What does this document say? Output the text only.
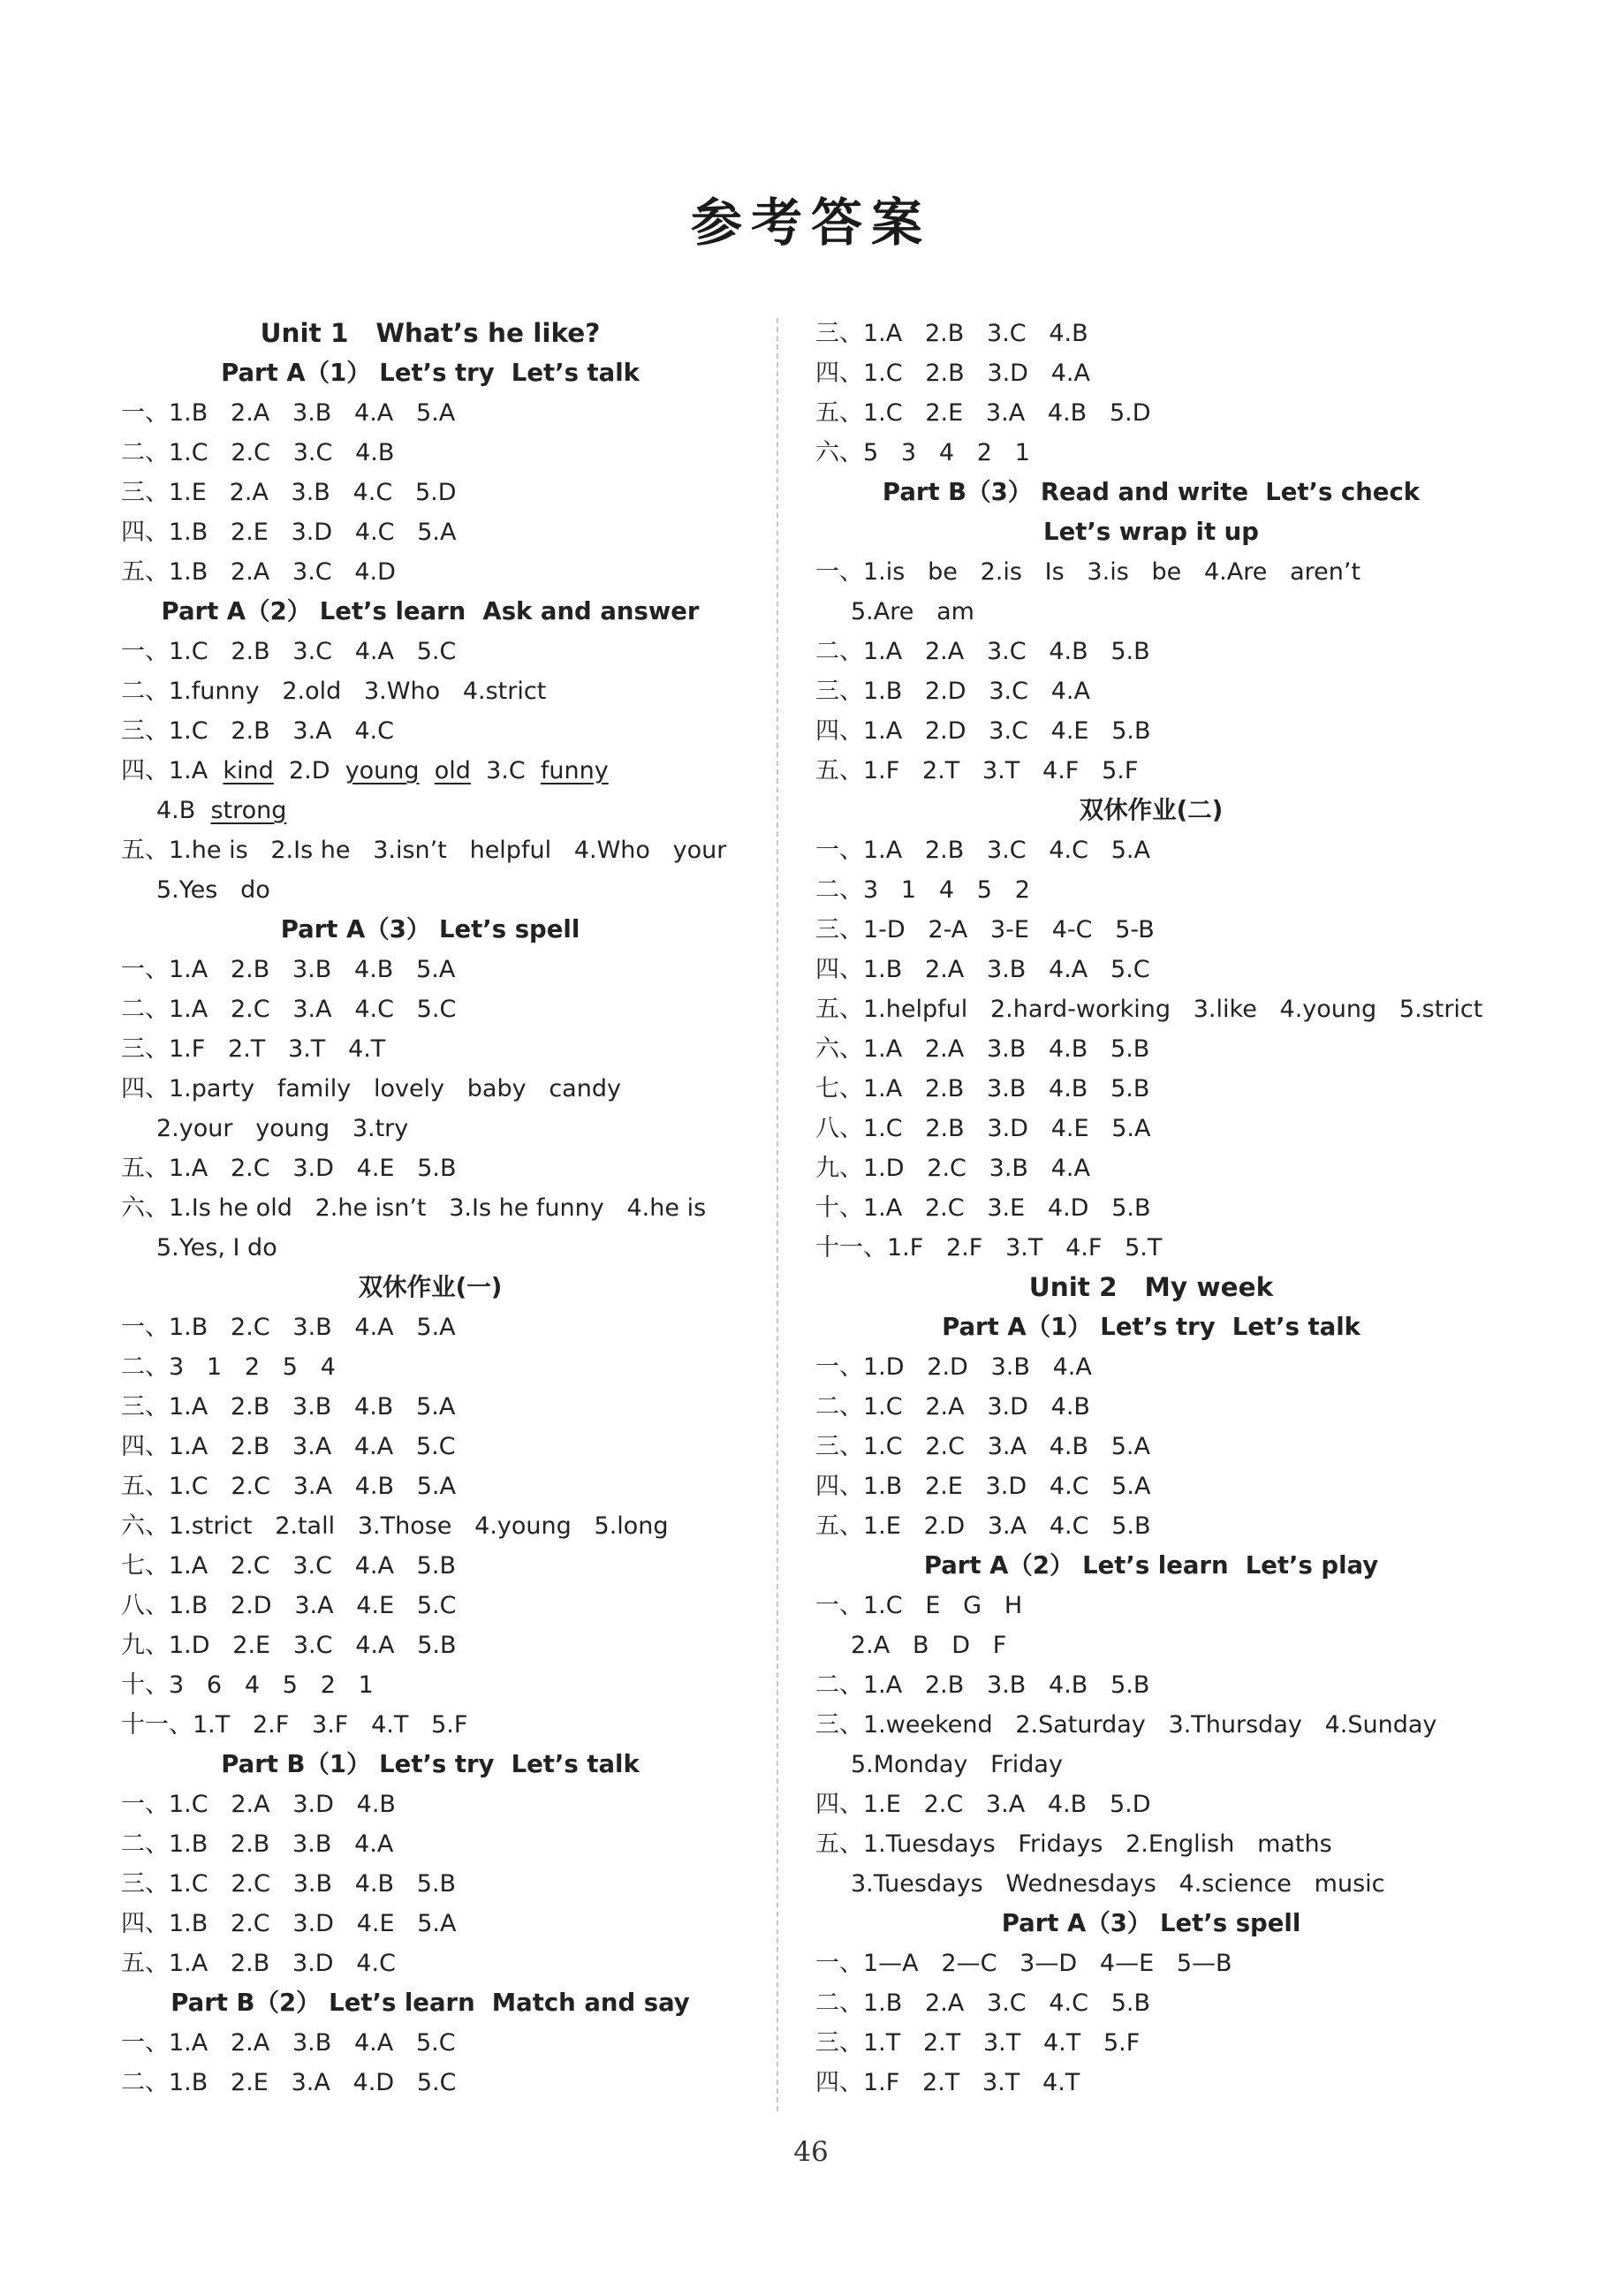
参考答案
Unit 1   What’s he like?
Part A（1） Let’s try  Let’s talk
一、1.B   2.A   3.B   4.A   5.A
二、1.C   2.C   3.C   4.B
三、1.E   2.A   3.B   4.C   5.D
四、1.B   2.E   3.D   4.C   5.A
五、1.B   2.A   3.C   4.D
Part A（2） Let’s learn  Ask and answer
一、1.C   2.B   3.C   4.A   5.C
二、1.funny   2.old   3.Who   4.strict
三、1.C   2.B   3.A   4.C
四、1.A  kind  2.D  young old  3.C  funny
4.B  strong
五、1.he is   2.Is he   3.isn’t   helpful   4.Who   your
5.Yes   do
Part A（3） Let’s spell
一、1.A   2.B   3.B   4.B   5.A
二、1.A   2.C   3.A   4.C   5.C
三、1.F   2.T   3.T   4.T
四、1.party   family   lovely   baby   candy
2.your   young   3.try
五、1.A   2.C   3.D   4.E   5.B
六、1.Is he old   2.he isn’t   3.Is he funny   4.he is
5.Yes, I do
双休作业(一)
一、1.B   2.C   3.B   4.A   5.A
二、3   1   2   5   4
三、1.A   2.B   3.B   4.B   5.A
四、1.A   2.B   3.A   4.A   5.C
五、1.C   2.C   3.A   4.B   5.A
六、1.strict   2.tall   3.Those   4.young   5.long
七、1.A   2.C   3.C   4.A   5.B
八、1.B   2.D   3.A   4.E   5.C
九、1.D   2.E   3.C   4.A   5.B
十、3   6   4   5   2   1
十一、1.T   2.F   3.F   4.T   5.F
Part B（1） Let’s try  Let’s talk
一、1.C   2.A   3.D   4.B
二、1.B   2.B   3.B   4.A
三、1.C   2.C   3.B   4.B   5.B
四、1.B   2.C   3.D   4.E   5.A
五、1.A   2.B   3.D   4.C
Part B（2） Let’s learn  Match and say
一、1.A   2.A   3.B   4.A   5.C
二、1.B   2.E   3.A   4.D   5.C
三、1.A   2.B   3.C   4.B
四、1.C   2.B   3.D   4.A
五、1.C   2.E   3.A   4.B   5.D
六、5   3   4   2   1
Part B（3） Read and write  Let’s check
Let’s wrap it up
一、1.is   be   2.is   Is   3.is   be   4.Are   aren’t
5.Are   am
二、1.A   2.A   3.C   4.B   5.B
三、1.B   2.D   3.C   4.A
四、1.A   2.D   3.C   4.E   5.B
五、1.F   2.T   3.T   4.F   5.F
双休作业(二)
一、1.A   2.B   3.C   4.C   5.A
二、3   1   4   5   2
三、1-D   2-A   3-E   4-C   5-B
四、1.B   2.A   3.B   4.A   5.C
五、1.helpful   2.hard-working   3.like   4.young   5.strict
六、1.A   2.A   3.B   4.B   5.B
七、1.A   2.B   3.B   4.B   5.B
八、1.C   2.B   3.D   4.E   5.A
九、1.D   2.C   3.B   4.A
十、1.A   2.C   3.E   4.D   5.B
十一、1.F   2.F   3.T   4.F   5.T
Unit 2   My week
Part A（1） Let’s try  Let’s talk
一、1.D   2.D   3.B   4.A
二、1.C   2.A   3.D   4.B
三、1.C   2.C   3.A   4.B   5.A
四、1.B   2.E   3.D   4.C   5.A
五、1.E   2.D   3.A   4.C   5.B
Part A（2） Let’s learn  Let’s play
一、1.C   E   G   H
2.A   B   D   F
二、1.A   2.B   3.B   4.B   5.B
三、1.weekend   2.Saturday   3.Thursday   4.Sunday
5.Monday   Friday
四、1.E   2.C   3.A   4.B   5.D
五、1.Tuesdays   Fridays   2.English   maths
3.Tuesdays   Wednesdays   4.science   music
Part A（3） Let’s spell
一、1—A   2—C   3—D   4—E   5—B
二、1.B   2.A   3.C   4.C   5.B
三、1.T   2.T   3.T   4.T   5.F
四、1.F   2.T   3.T   4.T
46
